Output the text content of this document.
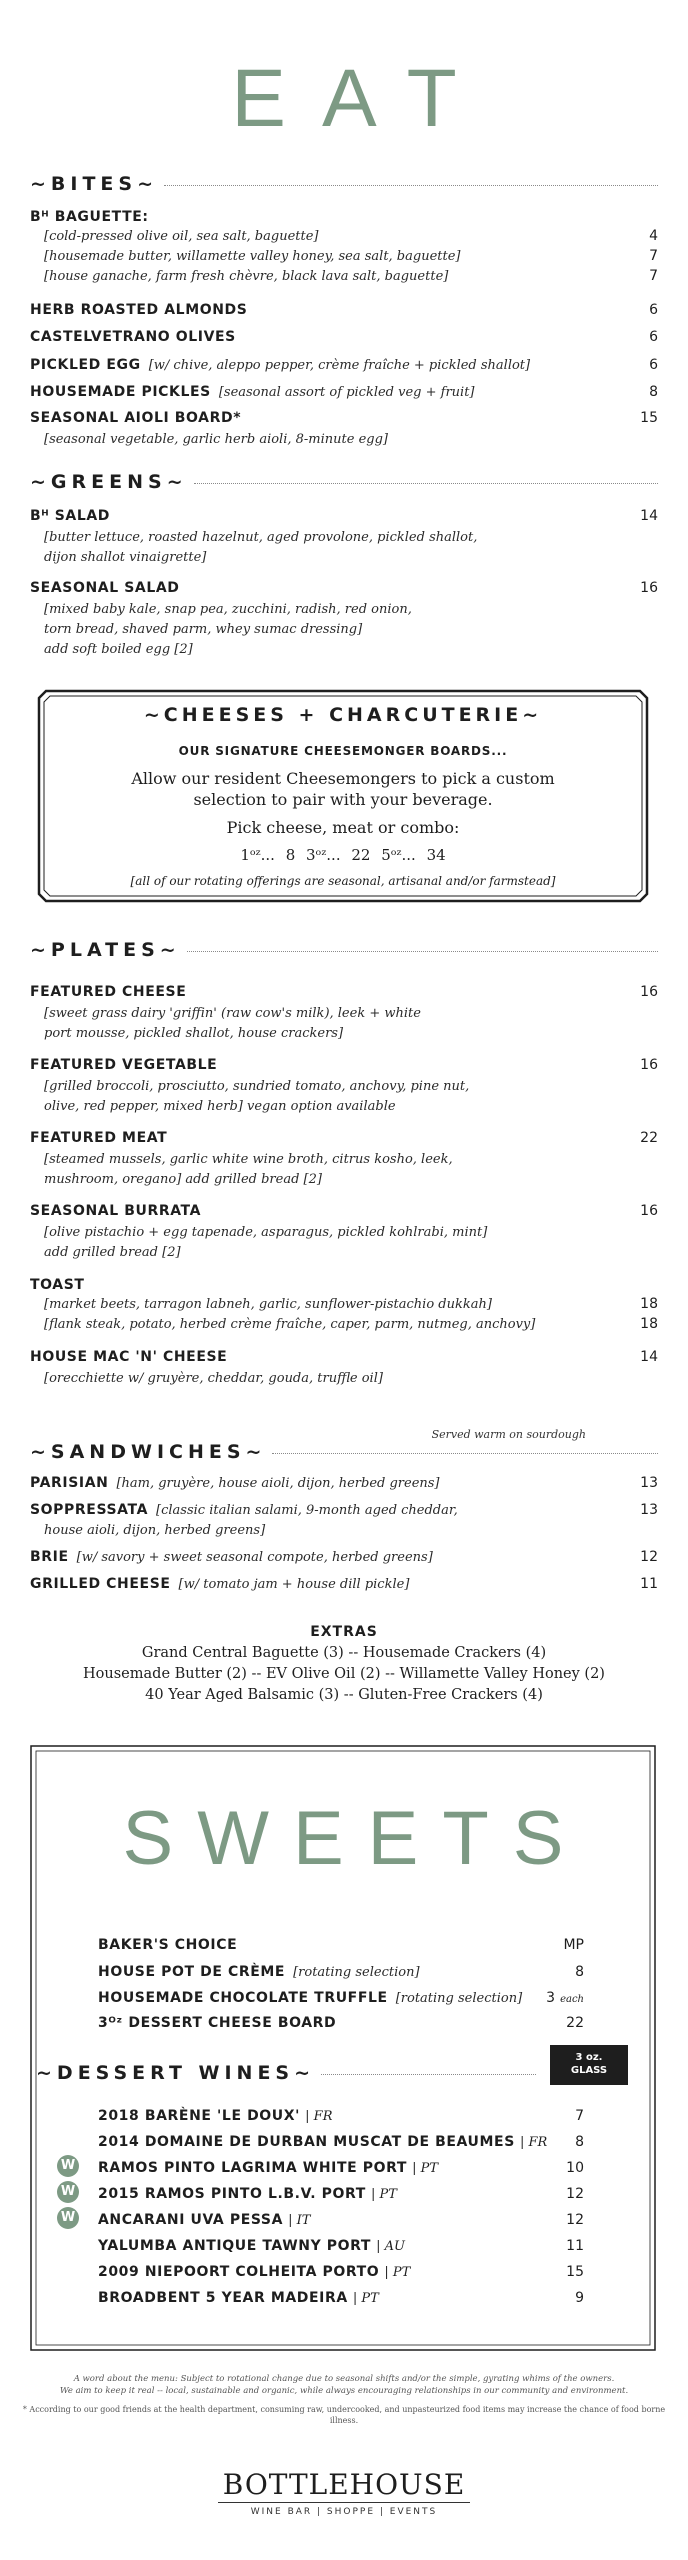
EAT
~BITES~
Bᴴ BAGUETTE:
[cold-pressed olive oil, sea salt, baguette]	4
[housemade butter, willamette valley honey, sea salt, baguette]	7
[house ganache, farm fresh chèvre, black lava salt, baguette]	7
HERB ROASTED ALMONDS	6
CASTELVETRANO OLIVES	6
PICKLED EGG [w/ chive, aleppo pepper, crème fraîche + pickled shallot]	6
HOUSEMADE PICKLES [seasonal assort of pickled veg + fruit]	8
SEASONAL AIOLI BOARD*	15
[seasonal vegetable, garlic herb aioli, 8-minute egg]
~GREENS~
Bᴴ SALAD	14
[butter lettuce, roasted hazelnut, aged provolone, pickled shallot,
dijon shallot vinaigrette]
SEASONAL SALAD	16
[mixed baby kale, snap pea, zucchini, radish, red onion,
torn bread, shaved parm, whey sumac dressing]
add soft boiled egg [2]
~CHEESES + CHARCUTERIE~
OUR SIGNATURE CHEESEMONGER BOARDS...
Allow our resident Cheesemongers to pick a custom selection to pair with your beverage.
Pick cheese, meat or combo:
1ᵒᶻ... 8 3ᵒᶻ... 22 5ᵒᶻ... 34
[all of our rotating offerings are seasonal, artisanal and/or farmstead]
~PLATES~
FEATURED CHEESE	16
[sweet grass dairy 'griffin' (raw cow's milk), leek + white
port mousse, pickled shallot, house crackers]
FEATURED VEGETABLE	16
[grilled broccoli, prosciutto, sundried tomato, anchovy, pine nut,
olive, red pepper, mixed herb] vegan option available
FEATURED MEAT	22
[steamed mussels, garlic white wine broth, citrus kosho, leek,
mushroom, oregano] add grilled bread [2]
SEASONAL BURRATA	16
[olive pistachio + egg tapenade, asparagus, pickled kohlrabi, mint]
add grilled bread [2]
TOAST
[market beets, tarragon labneh, garlic, sunflower-pistachio dukkah]	18
[flank steak, potato, herbed crème fraîche, caper, parm, nutmeg, anchovy]	18
HOUSE MAC 'N' CHEESE	14
[orecchiette w/ gruyère, cheddar, gouda, truffle oil]
~SANDWICHES~
Served warm on sourdough
PARISIAN [ham, gruyère, house aioli, dijon, herbed greens]	13
SOPPRESSATA [classic italian salami, 9-month aged cheddar,	13
house aioli, dijon, herbed greens]
BRIE [w/ savory + sweet seasonal compote, herbed greens]	12
GRILLED CHEESE [w/ tomato jam + house dill pickle]	11
EXTRAS
Grand Central Baguette (3) -- Housemade Crackers (4)
Housemade Butter (2) -- EV Olive Oil (2) -- Willamette Valley Honey (2)
40 Year Aged Balsamic (3) -- Gluten-Free Crackers (4)
SWEETS
BAKER'S CHOICE	MP
HOUSE POT DE CRÈME [rotating selection]	8
HOUSEMADE CHOCOLATE TRUFFLE [rotating selection] 3 each
3ᴼᶻ DESSERT CHEESE BOARD	22
~DESSERT WINES~
3 oz.
GLASS
2018 BARÈNE 'LE DOUX' | FR	7
2014 DOMAINE DE DURBAN MUSCAT DE BEAUMES | FR 8
W RAMOS PINTO LAGRIMA WHITE PORT | PT	10
W 2015 RAMOS PINTO L.B.V. PORT | PT	12
W ANCARANI UVA PESSA | IT	12
YALUMBA ANTIQUE TAWNY PORT | AU	11
2009 NIEPOORT COLHEITA PORTO | PT	15
BROADBENT 5 YEAR MADEIRA | PT	9
A word about the menu: Subject to rotational change due to seasonal shifts and/or the simple, gyrating whims of the owners.
We aim to keep it real -- local, sustainable and organic, while always encouraging relationships in our community and environment.
* According to our good friends at the health department, consuming raw, undercooked, and unpasteurized food items may increase the chance of food borne illness.
BOTTLEHOUSE
WINE BAR | SHOPPE | EVENTS
